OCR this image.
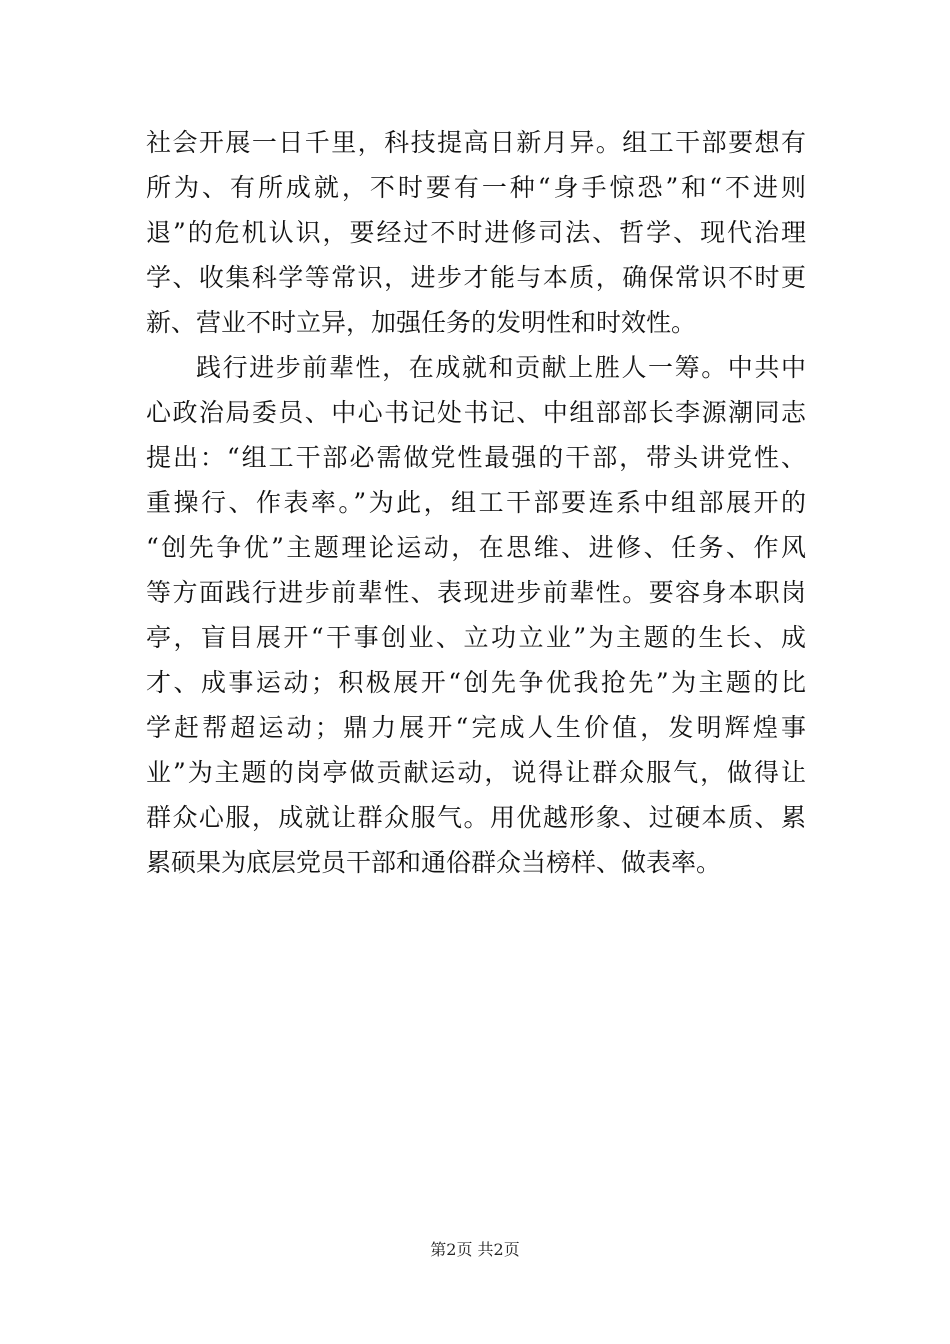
社会开展一日千里，科技提高日新月异。组工干部要想有
所为、有所成就，不时要有一种“身手惊恐”和“不进则
退”的危机认识，要经过不时进修司法、哲学、现代治理
学、收集科学等常识，进步才能与本质，确保常识不时更
新、营业不时立异，加强任务的发明性和时效性。
践行进步前辈性，在成就和贡献上胜人一筹。中共中
心政治局委员、中心书记处书记、中组部部长李源潮同志
提出：“组工干部必需做党性最强的干部，带头讲党性、
重操行、作表率。”为此，组工干部要连系中组部展开的
“创先争优”主题理论运动，在思维、进修、任务、作风
等方面践行进步前辈性、表现进步前辈性。要容身本职岗
亭，盲目展开“干事创业、立功立业”为主题的生长、成
才、成事运动；积极展开“创先争优我抢先”为主题的比
学赶帮超运动；鼎力展开“完成人生价值，发明辉煌事
业”为主题的岗亭做贡献运动，说得让群众服气，做得让
群众心服，成就让群众服气。用优越形象、过硬本质、累
累硕果为底层党员干部和通俗群众当榜样、做表率。
第2页 共2页
